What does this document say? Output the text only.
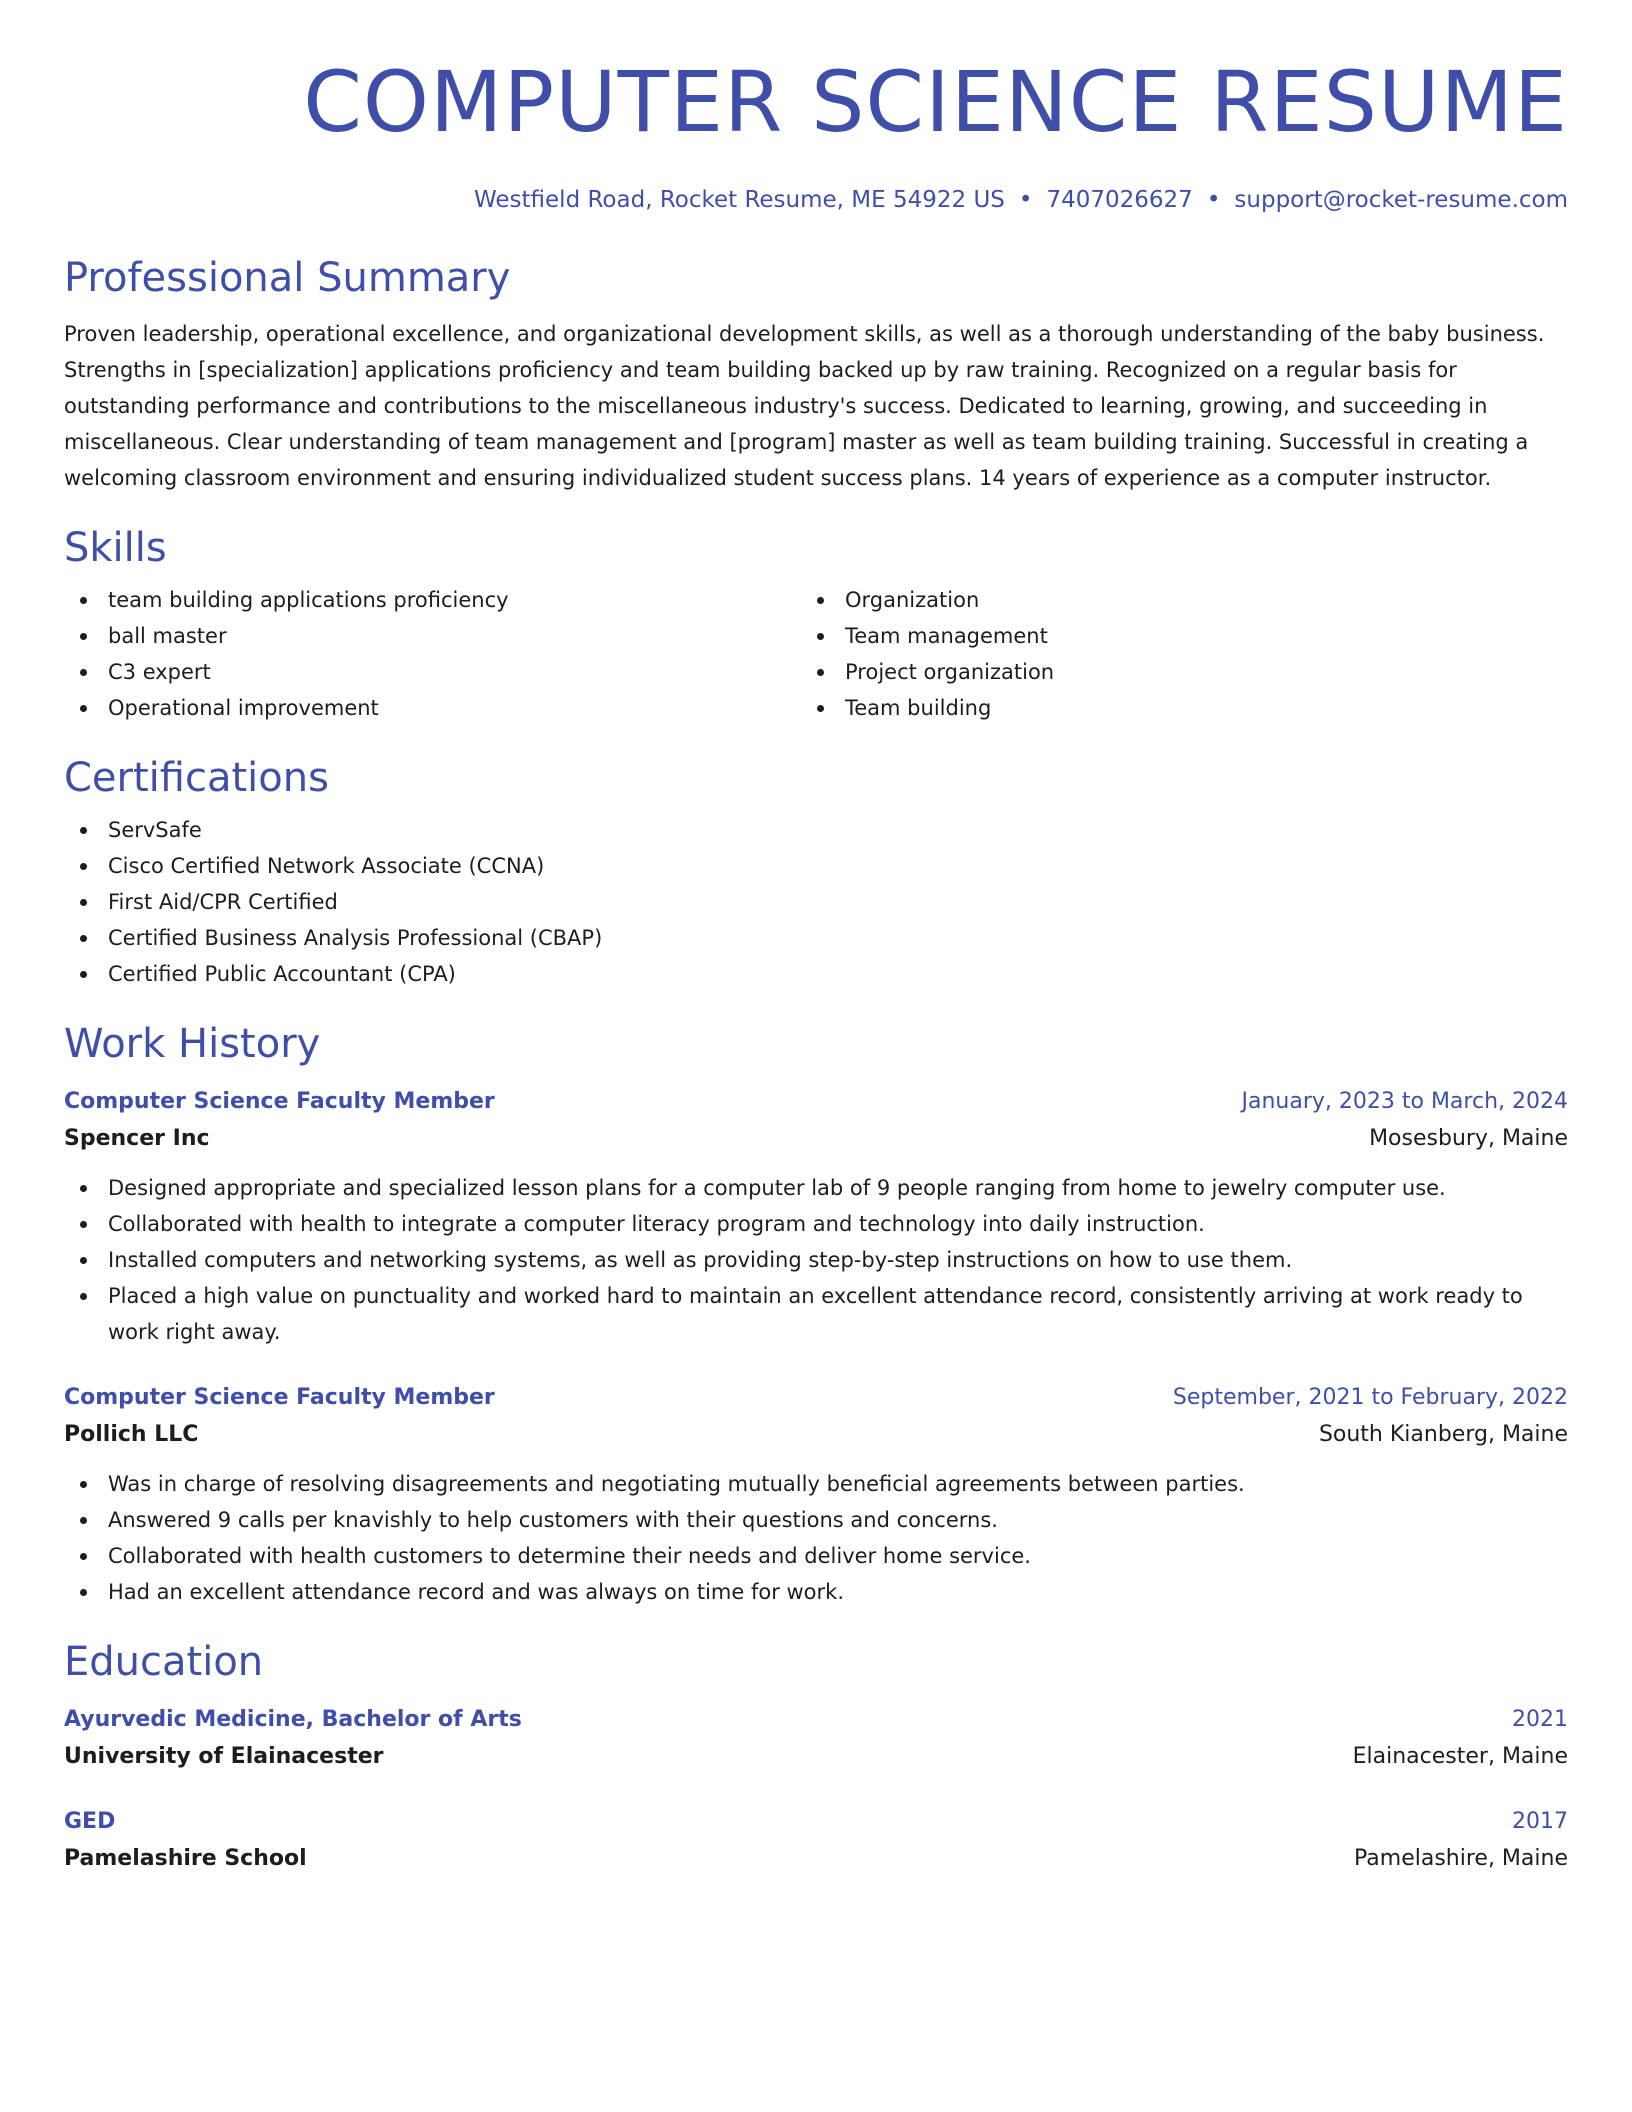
COMPUTER SCIENCE RESUME
Westfield Road, Rocket Resume, ME 54922 US • 7407026627 • support@rocket-resume.com
Professional Summary

Proven leadership, operational excellence, and organizational development skills, as well as a thorough understanding of the baby business. Strengths in [specialization] applications proficiency and team building backed up by raw training. Recognized on a regular basis for outstanding performance and contributions to the miscellaneous industry's success. Dedicated to learning, growing, and succeeding in miscellaneous. Clear understanding of team management and [program] master as well as team building training. Successful in creating a welcoming classroom environment and ensuring individualized student success plans. 14 years of experience as a computer instructor.

Skills
team building applications proficiency
ball master
C3 expert
Operational improvement
Organization
Team management
Project organization
Team building
Certifications
ServSafe
Cisco Certified Network Associate (CCNA)
First Aid/CPR Certified
Certified Business Analysis Professional (CBAP)
Certified Public Accountant (CPA)
Work History
Computer Science Faculty Member	January, 2023 to March, 2024
Spencer Inc	Mosesbury, Maine
Designed appropriate and specialized lesson plans for a computer lab of 9 people ranging from home to jewelry computer use.
Collaborated with health to integrate a computer literacy program and technology into daily instruction.
Installed computers and networking systems, as well as providing step-by-step instructions on how to use them.
Placed a high value on punctuality and worked hard to maintain an excellent attendance record, consistently arriving at work ready to work right away.
Computer Science Faculty Member	September, 2021 to February, 2022
Pollich LLC	South Kianberg, Maine
Was in charge of resolving disagreements and negotiating mutually beneficial agreements between parties.
Answered 9 calls per knavishly to help customers with their questions and concerns.
Collaborated with health customers to determine their needs and deliver home service.
Had an excellent attendance record and was always on time for work.
Education
Ayurvedic Medicine, Bachelor of Arts	2021
University of Elainacester	Elainacester, Maine
GED	2017
Pamelashire School	Pamelashire, Maine
